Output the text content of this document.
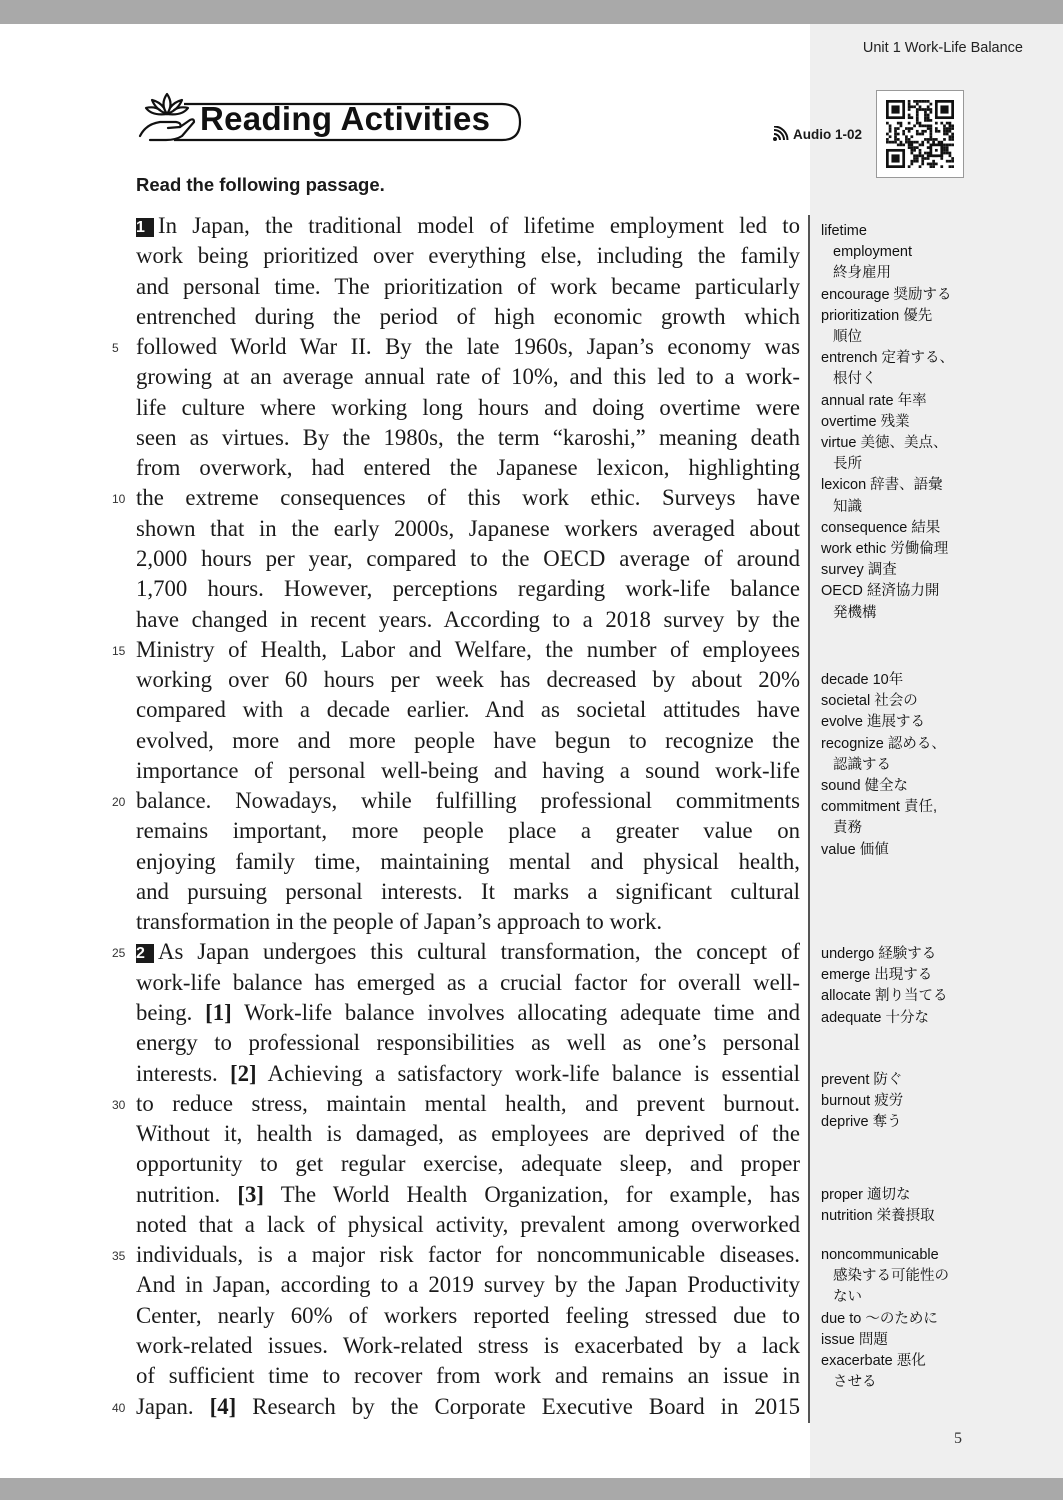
Unit 1 Work-Life Balance
Reading Activities	Audio 1-02
Read the following passage.
1 In Japan, the traditional model of lifetime employment led to
work being prioritized over everything else, including the family
and personal time. The prioritization of work became particularly
entrenched during the period of high economic growth which
followed World War II. By the late 1960s, Japan’s economy was
growing at an average annual rate of 10%, and this led to a work-
life culture where working long hours and doing overtime were
seen as virtues. By the 1980s, the term “karoshi,” meaning death
from overwork, had entered the Japanese lexicon, highlighting
the extreme consequences of this work ethic. Surveys have
shown that in the early 2000s, Japanese workers averaged about
2,000 hours per year, compared to the OECD average of around
1,700 hours. However, perceptions regarding work-life balance
have changed in recent years. According to a 2018 survey by the
Ministry of Health, Labor and Welfare, the number of employees
working over 60 hours per week has decreased by about 20%
compared with a decade earlier. And as societal attitudes have
evolved, more and more people have begun to recognize the
importance of personal well-being and having a sound work-life
balance. Nowadays, while fulfilling professional commitments
remains important, more people place a greater value on
enjoying family time, maintaining mental and physical health,
and pursuing personal interests. It marks a significant cultural
transformation in the people of Japan’s approach to work.
2 As Japan undergoes this cultural transformation, the concept of
work-life balance has emerged as a crucial factor for overall well-
being. [1] Work-life balance involves allocating adequate time and
energy to professional responsibilities as well as one’s personal
interests. [2] Achieving a satisfactory work-life balance is essential
to reduce stress, maintain mental health, and prevent burnout.
Without it, health is damaged, as employees are deprived of the
opportunity to get regular exercise, adequate sleep, and proper
nutrition. [3] The World Health Organization, for example, has
noted that a lack of physical activity, prevalent among overworked
individuals, is a major risk factor for noncommunicable diseases.
And in Japan, according to a 2019 survey by the Japan Productivity
Center, nearly 60% of workers reported feeling stressed due to
work-related issues. Work-related stress is exacerbated by a lack
of sufficient time to recover from work and remains an issue in
Japan. [4] Research by the Corporate Executive Board in 2015
5
10
15
20
25
30
35
40
lifetime
employment
終身雇用
encourage 奨励する
prioritization 優先
順位
entrench 定着する、
根付く
annual rate 年率
overtime 残業
virtue 美徳、美点、
長所
lexicon 辞書、語彙
知識
consequence 結果
work ethic 労働倫理
survey 調査
OECD 経済協力開
発機構
decade 10年
societal 社会の
evolve 進展する
recognize 認める、
認識する
sound 健全な
commitment 責任,
責務
value 価値
undergo 経験する
emerge 出現する
allocate 割り当てる
adequate 十分な
prevent 防ぐ
burnout 疲労
deprive 奪う
proper 適切な
nutrition 栄養摂取
noncommunicable
感染する可能性の
ない
due to 〜のために
issue 問題
exacerbate 悪化
させる
5
